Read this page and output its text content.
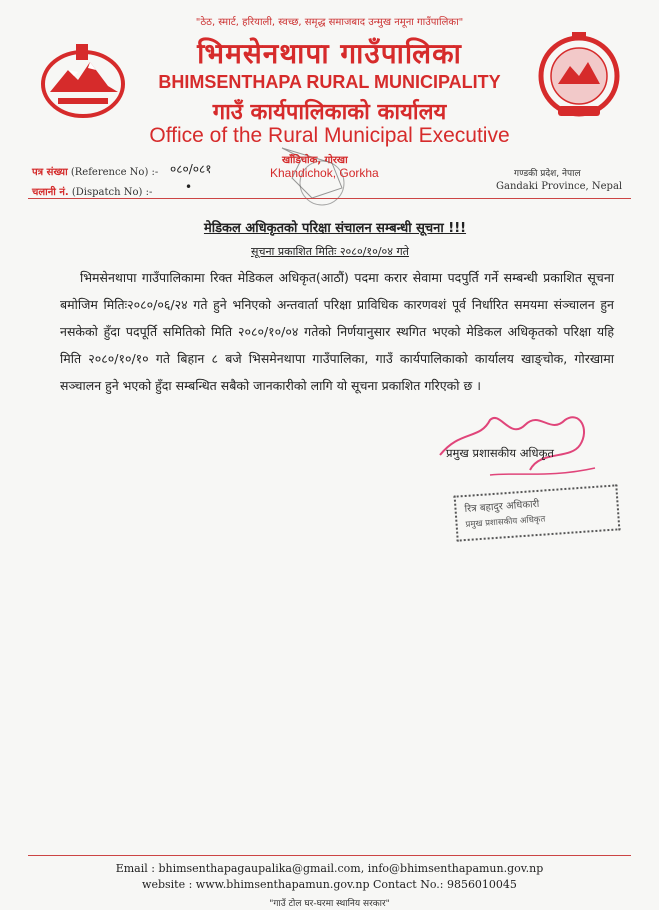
"ठेठ, स्मार्ट, हरियाली, स्वच्छ, समृद्ध समाजबाद उन्मुख नमूना गाउँपालिका"
भिमसेनथापा गाउँपालिका
BHIMSENTHAPA RURAL MUNICIPALITY
गाउँ कार्यपालिकाको कार्यालय
Office of the Rural Municipal Executive
पत्र संख्या (Reference No) :- ०८०/०८१
चलानी नं. (Dispatch No) :-	•
खाँडिचोक, गोरखा
Khandichok, Gorkha	गण्डकी प्रदेश, नेपाल
Gandaki Province, Nepal
मेडिकल अधिकृतको परिक्षा संचालन सम्बन्धी सूचना !!!
सूचना प्रकाशित मितिः २०८०/१०/०४ गते
भिमसेनथापा गाउँपालिकामा रिक्त मेडिकल अधिकृत(आठौं) पदमा करार सेवामा पदपुर्ति गर्ने सम्बन्धी प्रकाशित सूचना बमोजिम मितिः२०८०/०६/२४ गते हुने भनिएको अन्तवार्ता परिक्षा प्राविधिक कारणवशं पूर्व निर्धारित समयमा संञ्चालन हुन नसकेको हुँदा पदपूर्ति समितिको मिति २०८०/१०/०४ गतेको निर्णयानुसार स्थगित भएको मेडिकल अधिकृतको परिक्षा यहि मिति २०८०/१०/१० गते बिहान ८ बजे भिसमेनथापा गाउँपालिका, गाउँ कार्यपालिकाको कार्यालय खाङ्चोक, गोरखामा सञ्चालन हुने भएको हुँदा सम्बन्धित सबैको जानकारीको लागि यो सूचना प्रकाशित गरिएको छ ।
प्रमुख प्रशासकीय अधिकृत
रित्र बहादुर अधिकारी
प्रमुख प्रशासकीय अधिकृत
Email : bhimsenthapagaupalika@gmail.com, info@bhimsenthapamun.gov.np
website : www.bhimsenthapamun.gov.np Contact No.: 9856010045
"गाउँ टोल घर-घरमा स्थानिय सरकार"
